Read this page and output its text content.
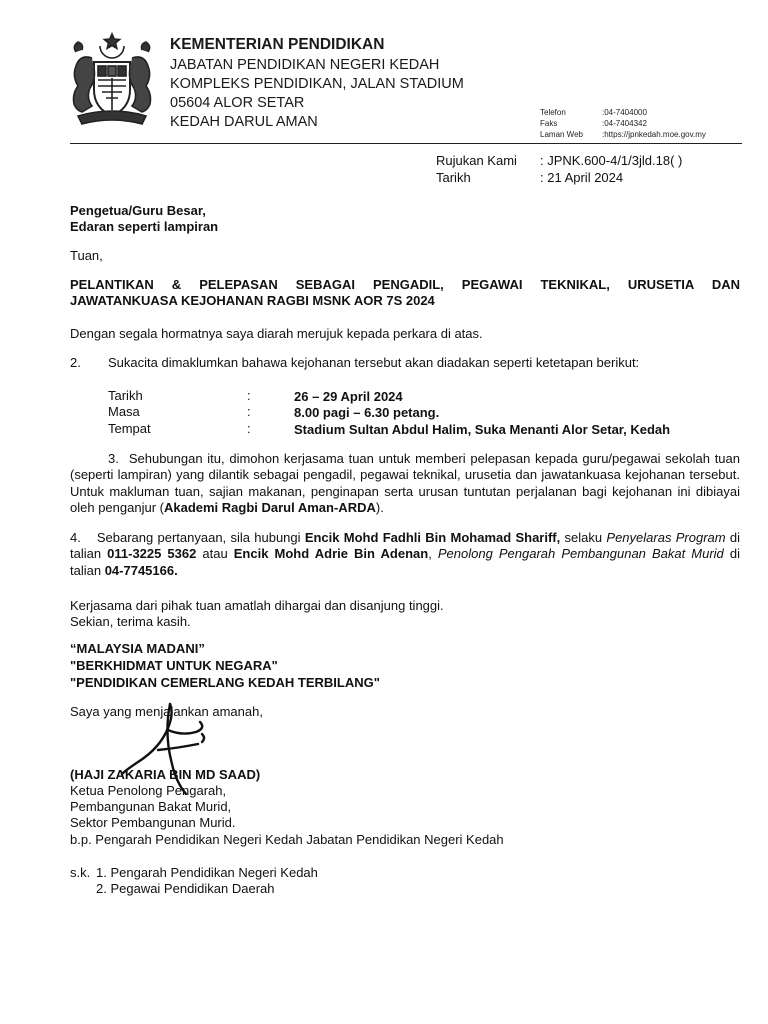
KEMENTERIAN PENDIDIKAN
JABATAN PENDIDIKAN NEGERI KEDAH
KOMPLEKS PENDIDIKAN, JALAN STADIUM
05604 ALOR SETAR
KEDAH DARUL AMAN
Telefon	:04-7404000
Faks	:04-7404342
Laman Web :https://jpnkedah.moe.gov.my
Rujukan Kami : JPNK.600-4/1/3jld.18( )
Tarikh	: 21 April 2024
Pengetua/Guru Besar,
Edaran seperti lampiran
Tuan,
PELANTIKAN & PELEPASAN SEBAGAI PENGADIL, PEGAWAI TEKNIKAL, URUSETIA DAN
JAWATANKUASA KEJOHANAN RAGBI MSNK AOR 7S 2024
Dengan segala hormatnya saya diarah merujuk kepada perkara di atas.
2. Sukacita dimaklumkan bahawa kejohanan tersebut akan diadakan seperti ketetapan berikut:
Tarikh	:	26 – 29 April 2024
Masa	:	8.00 pagi – 6.30 petang.
Tempat	:	Stadium Sultan Abdul Halim, Suka Menanti Alor Setar, Kedah
3. Sehubungan itu, dimohon kerjasama tuan untuk memberi pelepasan kepada guru/pegawai sekolah tuan (seperti lampiran) yang dilantik sebagai pengadil, pegawai teknikal, urusetia dan jawatankuasa kejohanan tersebut. Untuk makluman tuan, sajian makanan, penginapan serta urusan tuntutan perjalanan bagi kejohanan ini dibiayai oleh penganjur (Akademi Ragbi Darul Aman-ARDA).
4. Sebarang pertanyaan, sila hubungi Encik Mohd Fadhli Bin Mohamad Shariff, selaku Penyelaras Program di talian 011-3225 5362 atau Encik Mohd Adrie Bin Adenan, Penolong Pengarah Pembangunan Bakat Murid di talian 04-7745166.
Kerjasama dari pihak tuan amatlah dihargai dan disanjung tinggi.
Sekian, terima kasih.
“MALAYSIA MADANI”
"BERKHIDMAT UNTUK NEGARA"
"PENDIDIKAN CEMERLANG KEDAH TERBILANG"
Saya yang menjalankan amanah,
(HAJI ZAKARIA BIN MD SAAD)
Ketua Penolong Pengarah,
Pembangunan Bakat Murid,
Sektor Pembangunan Murid.
b.p. Pengarah Pendidikan Negeri Kedah Jabatan Pendidikan Negeri Kedah
s.k. 1. Pengarah Pendidikan Negeri Kedah
2. Pegawai Pendidikan Daerah
